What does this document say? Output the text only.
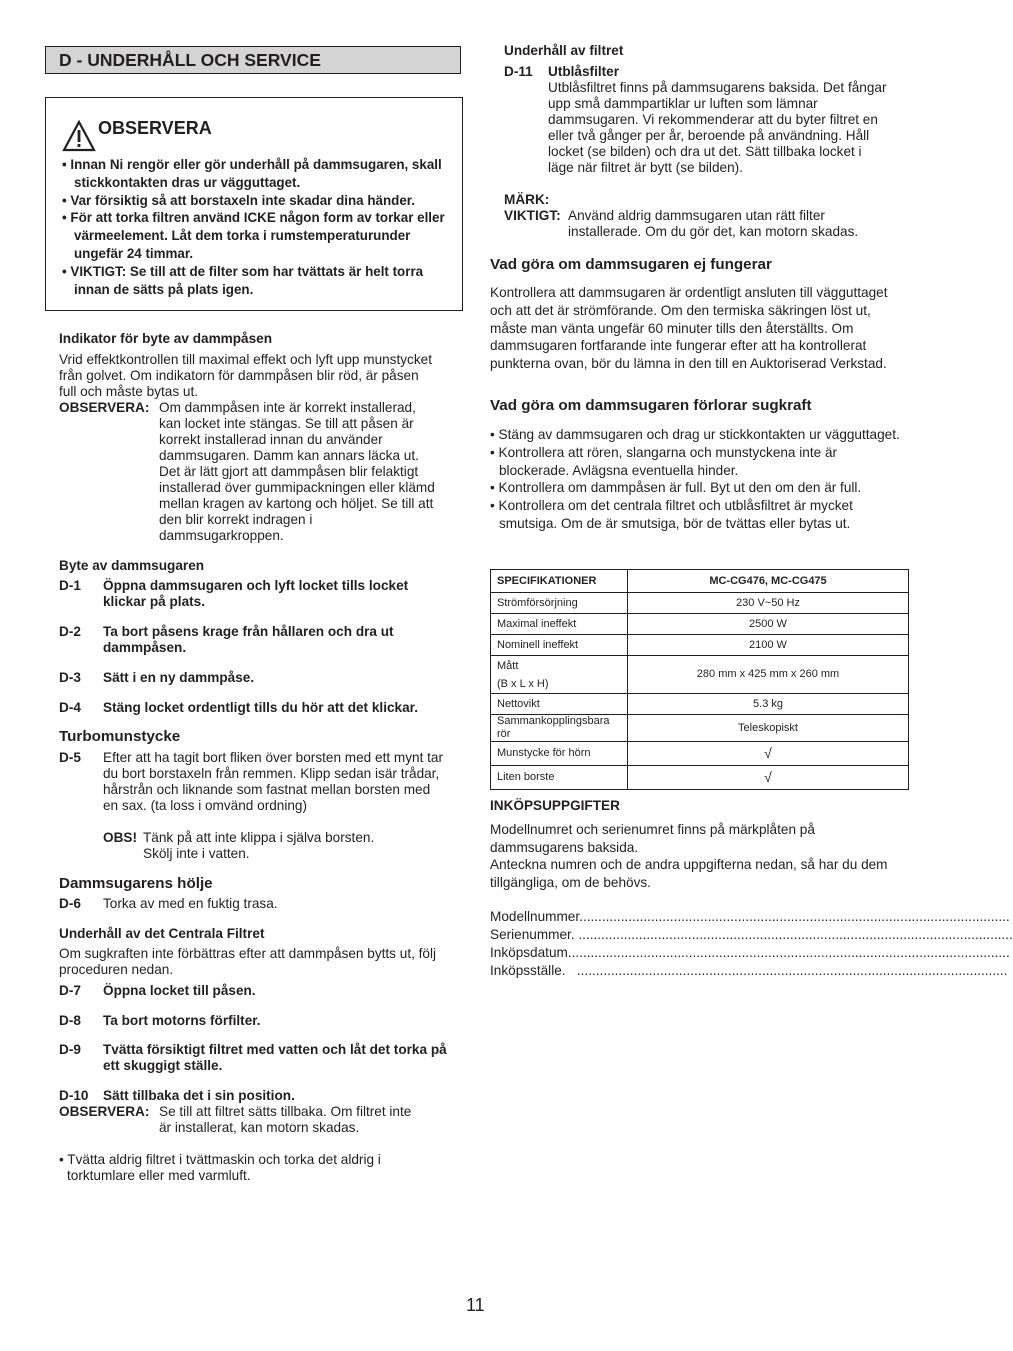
D - UNDERHÅLL OCH SERVICE
OBSERVERA
• Innan Ni rengör eller gör underhåll på dammsugaren, skall stickkontakten dras ur vägguttaget.
• Var försiktig så att borstaxeln inte skadar dina händer.
• För att torka filtren använd ICKE någon form av torkar eller värmeelement. Låt dem torka i rumstemperaturunder ungefär 24 timmar.
• VIKTIGT: Se till att de filter som har tvättats är helt torra innan de sätts på plats igen.
Indikator för byte av dammpåsen
Vrid effektkontrollen till maximal effekt och lyft upp munstycket från golvet. Om indikatorn för dammpåsen blir röd, är påsen full och måste bytas ut.
OBSERVERA: Om dammpåsen inte är korrekt installerad, kan locket inte stängas. Se till att påsen är korrekt installerad innan du använder dammsugaren. Damm kan annars läcka ut. Det är lätt gjort att dammpåsen blir felaktigt installerad över gummipackningen eller klämd mellan kragen av kartong och höljet. Se till att den blir korrekt indragen i dammsugarkroppen.
Byte av dammsugaren
D-1 Öppna dammsugaren och lyft locket tills locket klickar på plats.
D-2 Ta bort påsens krage från hållaren och dra ut dammpåsen.
D-3 Sätt i en ny dammpåse.
D-4 Stäng locket ordentligt tills du hör att det klickar.
Turbomunstycke
D-5 Efter att ha tagit bort fliken över borsten med ett mynt tar du bort borstaxeln från remmen. Klipp sedan isär trådar, hårstrån och liknande som fastnat mellan borsten med en sax. (ta loss i omvänd ordning)
OBS! Tänk på att inte klippa i själva borsten. Skölj inte i vatten.
Dammsugarens hölje
D-6 Torka av med en fuktig trasa.
Underhåll av det Centrala Filtret
Om sugkraften inte förbättras efter att dammpåsen bytts ut, följ proceduren nedan.
D-7 Öppna locket till påsen.
D-8 Ta bort motorns förfilter.
D-9 Tvätta försiktigt filtret med vatten och låt det torka på ett skuggigt ställe.
D-10 Sätt tillbaka det i sin position.
OBSERVERA: Se till att filtret sätts tillbaka. Om filtret inte är installerat, kan motorn skadas.
• Tvätta aldrig filtret i tvättmaskin och torka det aldrig i torktumlare eller med varmluft.
Underhåll av filtret
D-11 Utblåsfilter
Utblåsfiltret finns på dammsugarens baksida. Det fångar upp små dammpartiklar ur luften som lämnar dammsugaren. Vi rekommenderar att du byter filtret en eller två gånger per år, beroende på användning. Håll locket (se bilden) och dra ut det. Sätt tillbaka locket i läge när filtret är bytt (se bilden).
MÄRK:
VIKTIGT: Använd aldrig dammsugaren utan rätt filter installerade. Om du gör det, kan motorn skadas.
Vad göra om dammsugaren ej fungerar
Kontrollera att dammsugaren är ordentligt ansluten till vägguttaget och att det är strömförande. Om den termiska säkringen löst ut, måste man vänta ungefär 60 minuter tills den återställts. Om dammsugaren fortfarande inte fungerar efter att ha kontrollerat punkterna ovan, bör du lämna in den till en Auktoriserad Verkstad.
Vad göra om dammsugaren förlorar sugkraft
• Stäng av dammsugaren och drag ur stickkontakten ur vägguttaget.
• Kontrollera att rören, slangarna och munstyckena inte är blockerade. Avlägsna eventuella hinder.
• Kontrollera om dammpåsen är full. Byt ut den om den är full.
• Kontrollera om det centrala filtret och utblåsfiltret är mycket smutsiga. Om de är smutsiga, bör de tvättas eller bytas ut.
SPECIFIKATIONER	MC-CG476, MC-CG475
Strömförsörjning	230 V~50 Hz
Maximal ineffekt	2500 W
Nominell ineffekt	2100 W
Mått
(B x L x H)	280 mm x 425 mm x 260 mm
Nettovikt	5.3 kg
Sammankopplingsbara rör	Teleskopiskt
Munstycke för hörn	√
Liten borste	√
INKÖPSUPPGIFTER
Modellnumret och serienumret finns på märkplåten på dammsugarens baksida.
Anteckna numren och de andra uppgifterna nedan, så har du dem tillgängliga, om de behövs.
Modellnummer..................................................................................................................
Serienummer. ...................................................................................................................
Inköpsdatum.....................................................................................................................
Inköpsställe.   ..................................................................................................................
11
